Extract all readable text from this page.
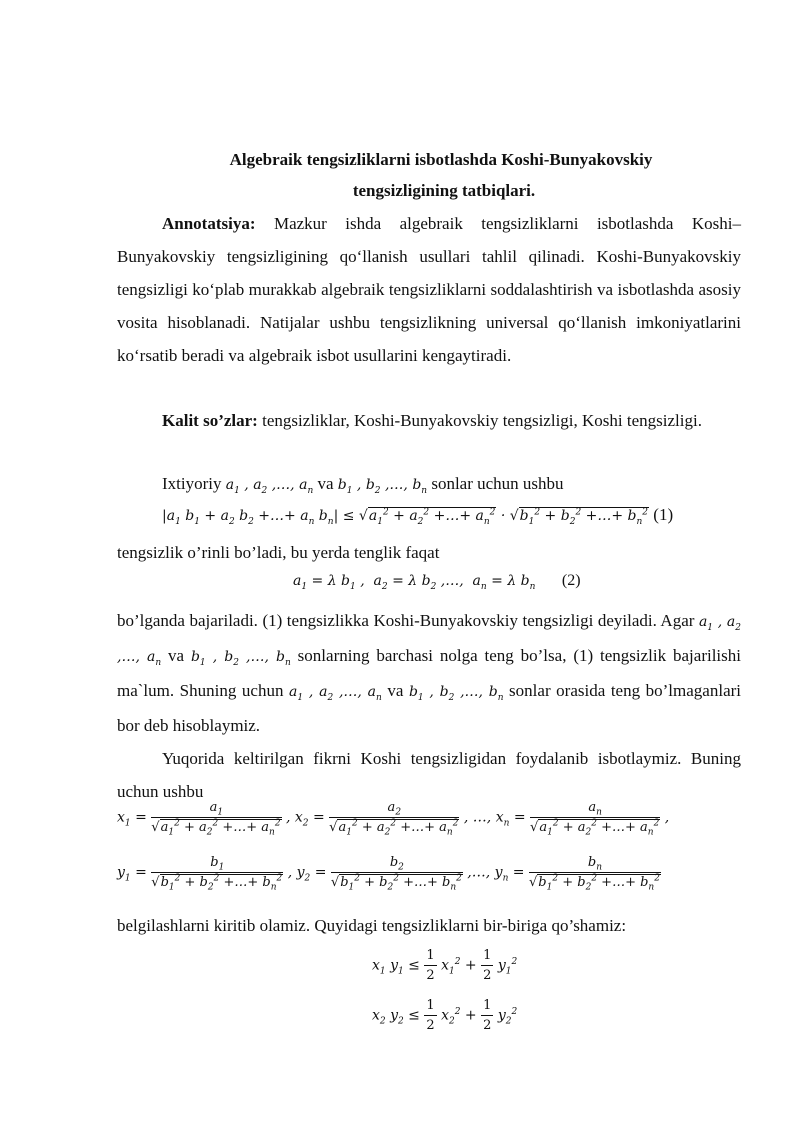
Algebraik tengsizliklarni isbotlashda Koshi-Bunyakovskiy
tengsizligining tatbiqlari.

Annotatsiya: Mazkur ishda algebraik tengsizliklarni isbotlashda Koshi–Bunyakovskiy tengsizligining qo‘llanish usullari tahlil qilinadi. Koshi-Bunyakovskiy tengsizligi ko‘plab murakkab algebraik tengsizliklarni soddalashtirish va isbotlashda asosiy vosita hisoblanadi. Natijalar ushbu tengsizlikning universal qo‘llanish imkoniyatlarini ko‘rsatib beradi va algebraik isbot usullarini kengaytiradi.

Kalit so’zlar: tengsizliklar, Koshi-Bunyakovskiy tengsizligi, Koshi tengsizligi.

Ixtiyoriy $a_1$ , $a_2$ ,…, $a_n$ va $b_1$ , $b_2$ ,…, $b_n$ sonlar uchun ushbu

$|a_1$ $b_1 + a_2$ $b_2$ +…+ $a_n$ $b_n| \le √a_1^2 + a_2^2$ +…+ $a_n^2 \cdot √b_1^2 + b_2^2$ +…+ $b_n^2$ (1)

tengsizlik o’rinli bo’ladi, bu yerda tenglik faqat

$a_1 = \lambda$ $b_1$ ,  $a_2 = \lambda$ $b_2$ ,…,  $a_n = \lambda$ $b_n$ (2)

bo’lganda bajariladi. (1) tengsizlikka Koshi-Bunyakovskiy tengsizligi deyiladi. Agar $a_1$ , $a_2$ ,…, $a_n$ va $b_1$ , $b_2$ ,…, $b_n$ sonlarning barchasi nolga teng bo’lsa, (1) tengsizlik bajarilishi ma`lum. Shuning uchun $a_1$ , $a_2$ ,…, $a_n$ va $b_1$ , $b_2$ ,…, $b_n$ sonlar orasida teng bo’lmaganlari bor deb hisoblaymiz.

Yuqorida keltirilgan fikrni Koshi tengsizligidan foydalanib isbotlaymiz. Buning uchun ushbu

$x_1 = \frac{a_1}{√a_1^2 + a_2^2 +\dots+ a_n^2}$ , $x_2 = \frac{a_2}{√a_1^2 + a_2^2 +\dots+ a_n^2}$ , …, $x_n = \frac{a_n}{√a_1^2 + a_2^2 +\dots+ a_n^2}$ ,
$y_1 = \frac{b_1}{√b_1^2 + b_2^2 +\dots+ b_n^2}$ , $y_2 = \frac{b_2}{√b_1^2 + b_2^2 +\dots+ b_n^2}$ ,…, $y_n = \frac{b_n}{√b_1^2 + b_2^2 +\dots+ b_n^2}$

belgilashlarni kiritib olamiz. Quyidagi tengsizliklarni bir-biriga qo’shamiz:

$x_1$ $y_1 \le \frac{1}{2} x_1^2 + \frac{1}{2} y_1^2$
$x_2$ $y_2 \le \frac{1}{2} x_2^2 + \frac{1}{2} y_2^2$
